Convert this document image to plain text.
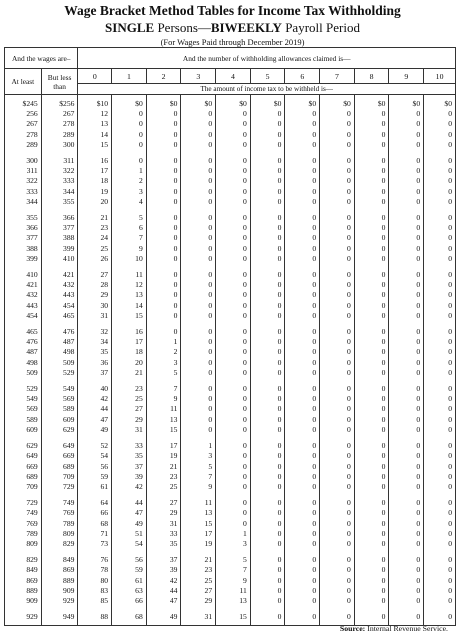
Wage Bracket Method Tables for Income Tax Withholding
SINGLE Persons—BIWEEKLY Payroll Period
(For Wages Paid through December 2019)
And the wages are–		And the number of withholding allowances claimed is—										

At least	But less than	0	1	2	3	4	5	6	7	8	9	10
		The amount of income tax to be withheld is—										
$245	$256	$10	$0	$0	$0	$0	$0	$0	$0	$0	$0	$0
256	267	12	0	0	0	0	0	0	0	0	0	0
267	278	13	0	0	0	0	0	0	0	0	0	0
278	289	14	0	0	0	0	0	0	0	0	0	0
289	300	15	0	0	0	0	0	0	0	0	0	0

300	311	16	0	0	0	0	0	0	0	0	0	0
311	322	17	1	0	0	0	0	0	0	0	0	0
322	333	18	2	0	0	0	0	0	0	0	0	0
333	344	19	3	0	0	0	0	0	0	0	0	0
344	355	20	4	0	0	0	0	0	0	0	0	0

355	366	21	5	0	0	0	0	0	0	0	0	0
366	377	23	6	0	0	0	0	0	0	0	0	0
377	388	24	7	0	0	0	0	0	0	0	0	0
388	399	25	9	0	0	0	0	0	0	0	0	0
399	410	26	10	0	0	0	0	0	0	0	0	0

410	421	27	11	0	0	0	0	0	0	0	0	0
421	432	28	12	0	0	0	0	0	0	0	0	0
432	443	29	13	0	0	0	0	0	0	0	0	0
443	454	30	14	0	0	0	0	0	0	0	0	0
454	465	31	15	0	0	0	0	0	0	0	0	0

465	476	32	16	0	0	0	0	0	0	0	0	0
476	487	34	17	1	0	0	0	0	0	0	0	0
487	498	35	18	2	0	0	0	0	0	0	0	0
498	509	36	20	3	0	0	0	0	0	0	0	0
509	529	37	21	5	0	0	0	0	0	0	0	0

529	549	40	23	7	0	0	0	0	0	0	0	0
549	569	42	25	9	0	0	0	0	0	0	0	0
569	589	44	27	11	0	0	0	0	0	0	0	0
589	609	47	29	13	0	0	0	0	0	0	0	0
609	629	49	31	15	0	0	0	0	0	0	0	0

629	649	52	33	17	1	0	0	0	0	0	0	0
649	669	54	35	19	3	0	0	0	0	0	0	0
669	689	56	37	21	5	0	0	0	0	0	0	0
689	709	59	39	23	7	0	0	0	0	0	0	0
709	729	61	42	25	9	0	0	0	0	0	0	0

729	749	64	44	27	11	0	0	0	0	0	0	0
749	769	66	47	29	13	0	0	0	0	0	0	0
769	789	68	49	31	15	0	0	0	0	0	0	0
789	809	71	51	33	17	1	0	0	0	0	0	0
809	829	73	54	35	19	3	0	0	0	0	0	0

829	849	76	56	37	21	5	0	0	0	0	0	0
849	869	78	59	39	23	7	0	0	0	0	0	0
869	889	80	61	42	25	9	0	0	0	0	0	0
889	909	83	63	44	27	11	0	0	0	0	0	0
909	929	85	66	47	29	13	0	0	0	0	0	0

929	949	88	68	49	31	15	0	0	0	0	0	0
Source: Internal Revenue Service.
